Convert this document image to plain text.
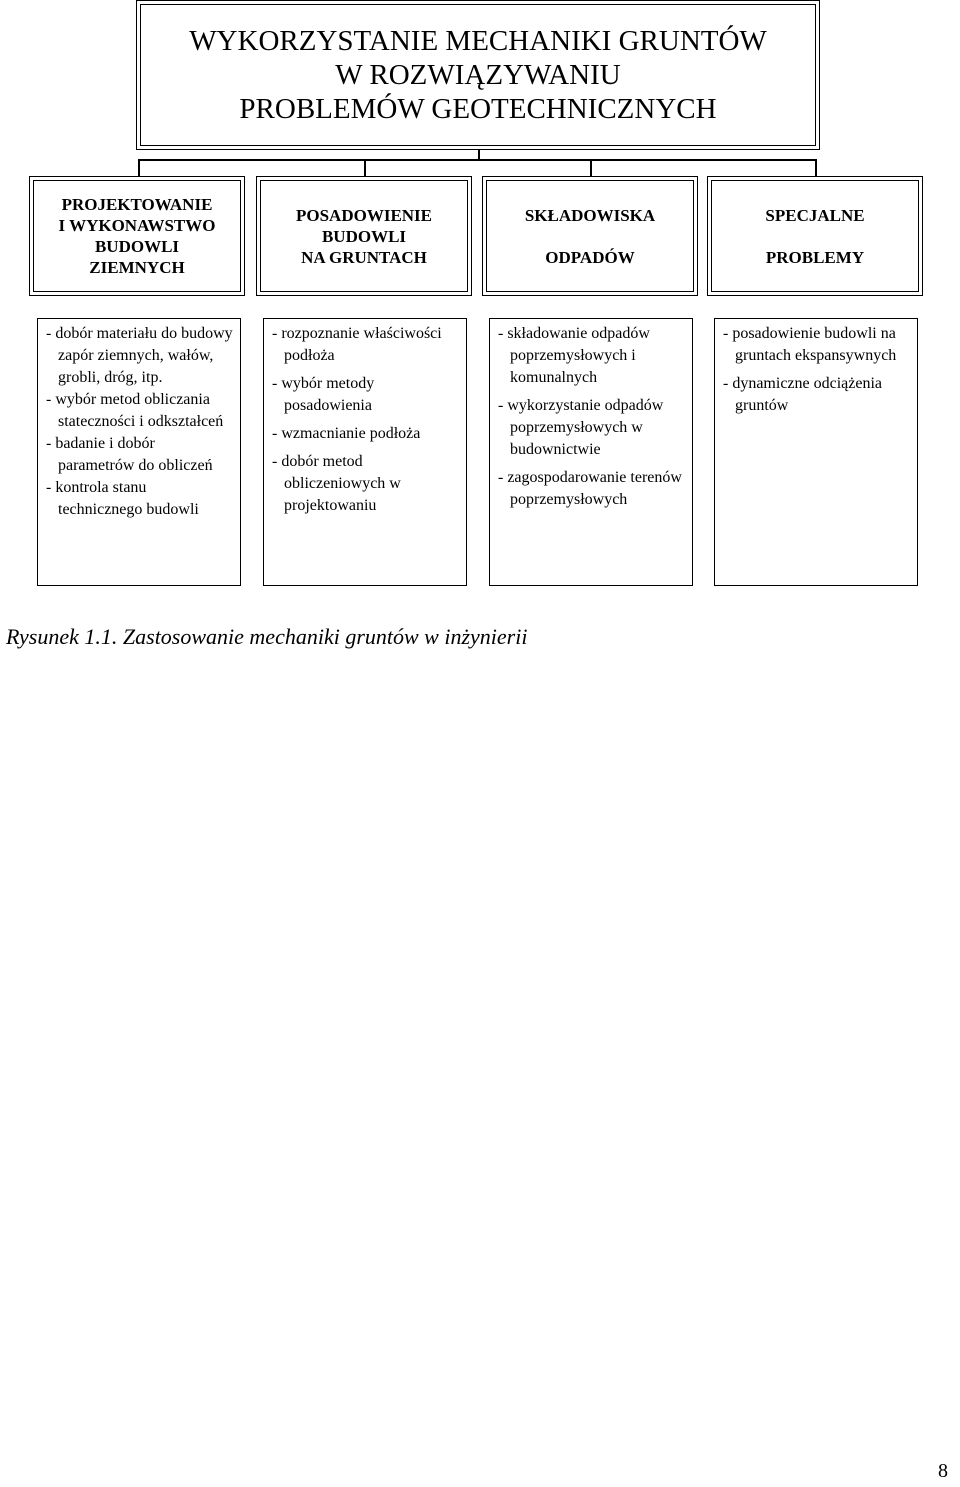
WYKORZYSTANIE MECHANIKI GRUNTÓW
W ROZWIĄZYWANIU
PROBLEMÓW GEOTECHNICZNYCH
PROJEKTOWANIE
I WYKONAWSTWO
BUDOWLI
ZIEMNYCH
POSADOWIENIE
BUDOWLI
NA GRUNTACH
SKŁADOWISKA

ODPADÓW
SPECJALNE

PROBLEMY
- dobór materiału do budowy zapór ziemnych, wałów, grobli, dróg, itp.
- wybór metod obliczania stateczności i odkształceń
- badanie i dobór parametrów do obliczeń
- kontrola stanu technicznego budowli
- rozpoznanie właściwości podłoża
- wybór metody posadowienia
- wzmacnianie podłoża
- dobór metod obliczeniowych w projektowaniu
- składowanie odpadów poprzemysłowych i komunalnych
- wykorzystanie odpadów poprzemysłowych w budownictwie
- zagospodarowanie terenów poprzemysłowych
- posadowienie budowli na gruntach ekspansywnych
- dynamiczne odciążenia gruntów
Rysunek 1.1. Zastosowanie mechaniki gruntów w inżynierii
8
